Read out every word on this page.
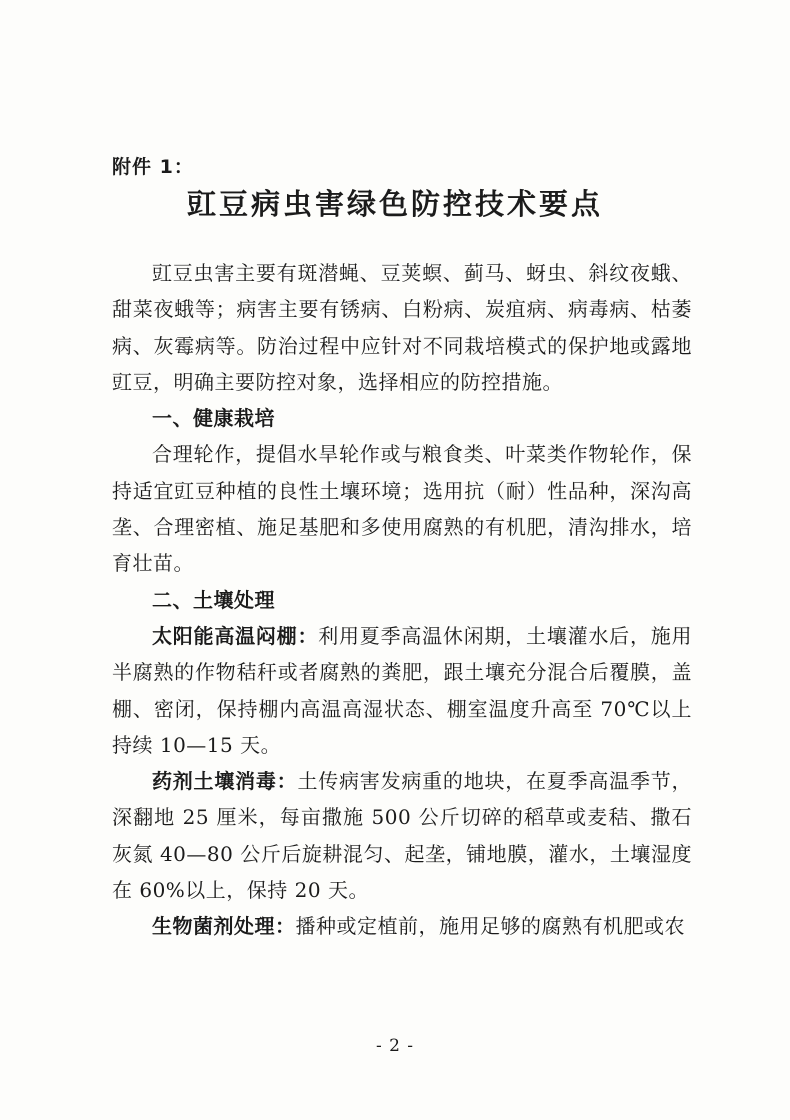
附件 1：
豇豆病虫害绿色防控技术要点

豇豆虫害主要有斑潜蝇、豆荚螟、蓟马、蚜虫、斜纹夜蛾、甜菜夜蛾等；病害主要有锈病、白粉病、炭疽病、病毒病、枯萎病、灰霉病等。防治过程中应针对不同栽培模式的保护地或露地豇豆，明确主要防控对象，选择相应的防控措施。

一、健康栽培

合理轮作，提倡水旱轮作或与粮食类、叶菜类作物轮作，保持适宜豇豆种植的良性土壤环境；选用抗（耐）性品种，深沟高垄、合理密植、施足基肥和多使用腐熟的有机肥，清沟排水，培育壮苗。

二、土壤处理

太阳能高温闷棚：利用夏季高温休闲期，土壤灌水后，施用半腐熟的作物秸秆或者腐熟的粪肥，跟土壤充分混合后覆膜，盖棚、密闭，保持棚内高温高湿状态、棚室温度升高至 70℃以上持续 10—15 天。

药剂土壤消毒：土传病害发病重的地块，在夏季高温季节，深翻地 25 厘米，每亩撒施 500 公斤切碎的稻草或麦秸、撒石灰氮 40—80 公斤后旋耕混匀、起垄，铺地膜，灌水，土壤湿度在 60%以上，保持 20 天。

生物菌剂处理：播种或定植前，施用足够的腐熟有机肥或农

- 2 -
